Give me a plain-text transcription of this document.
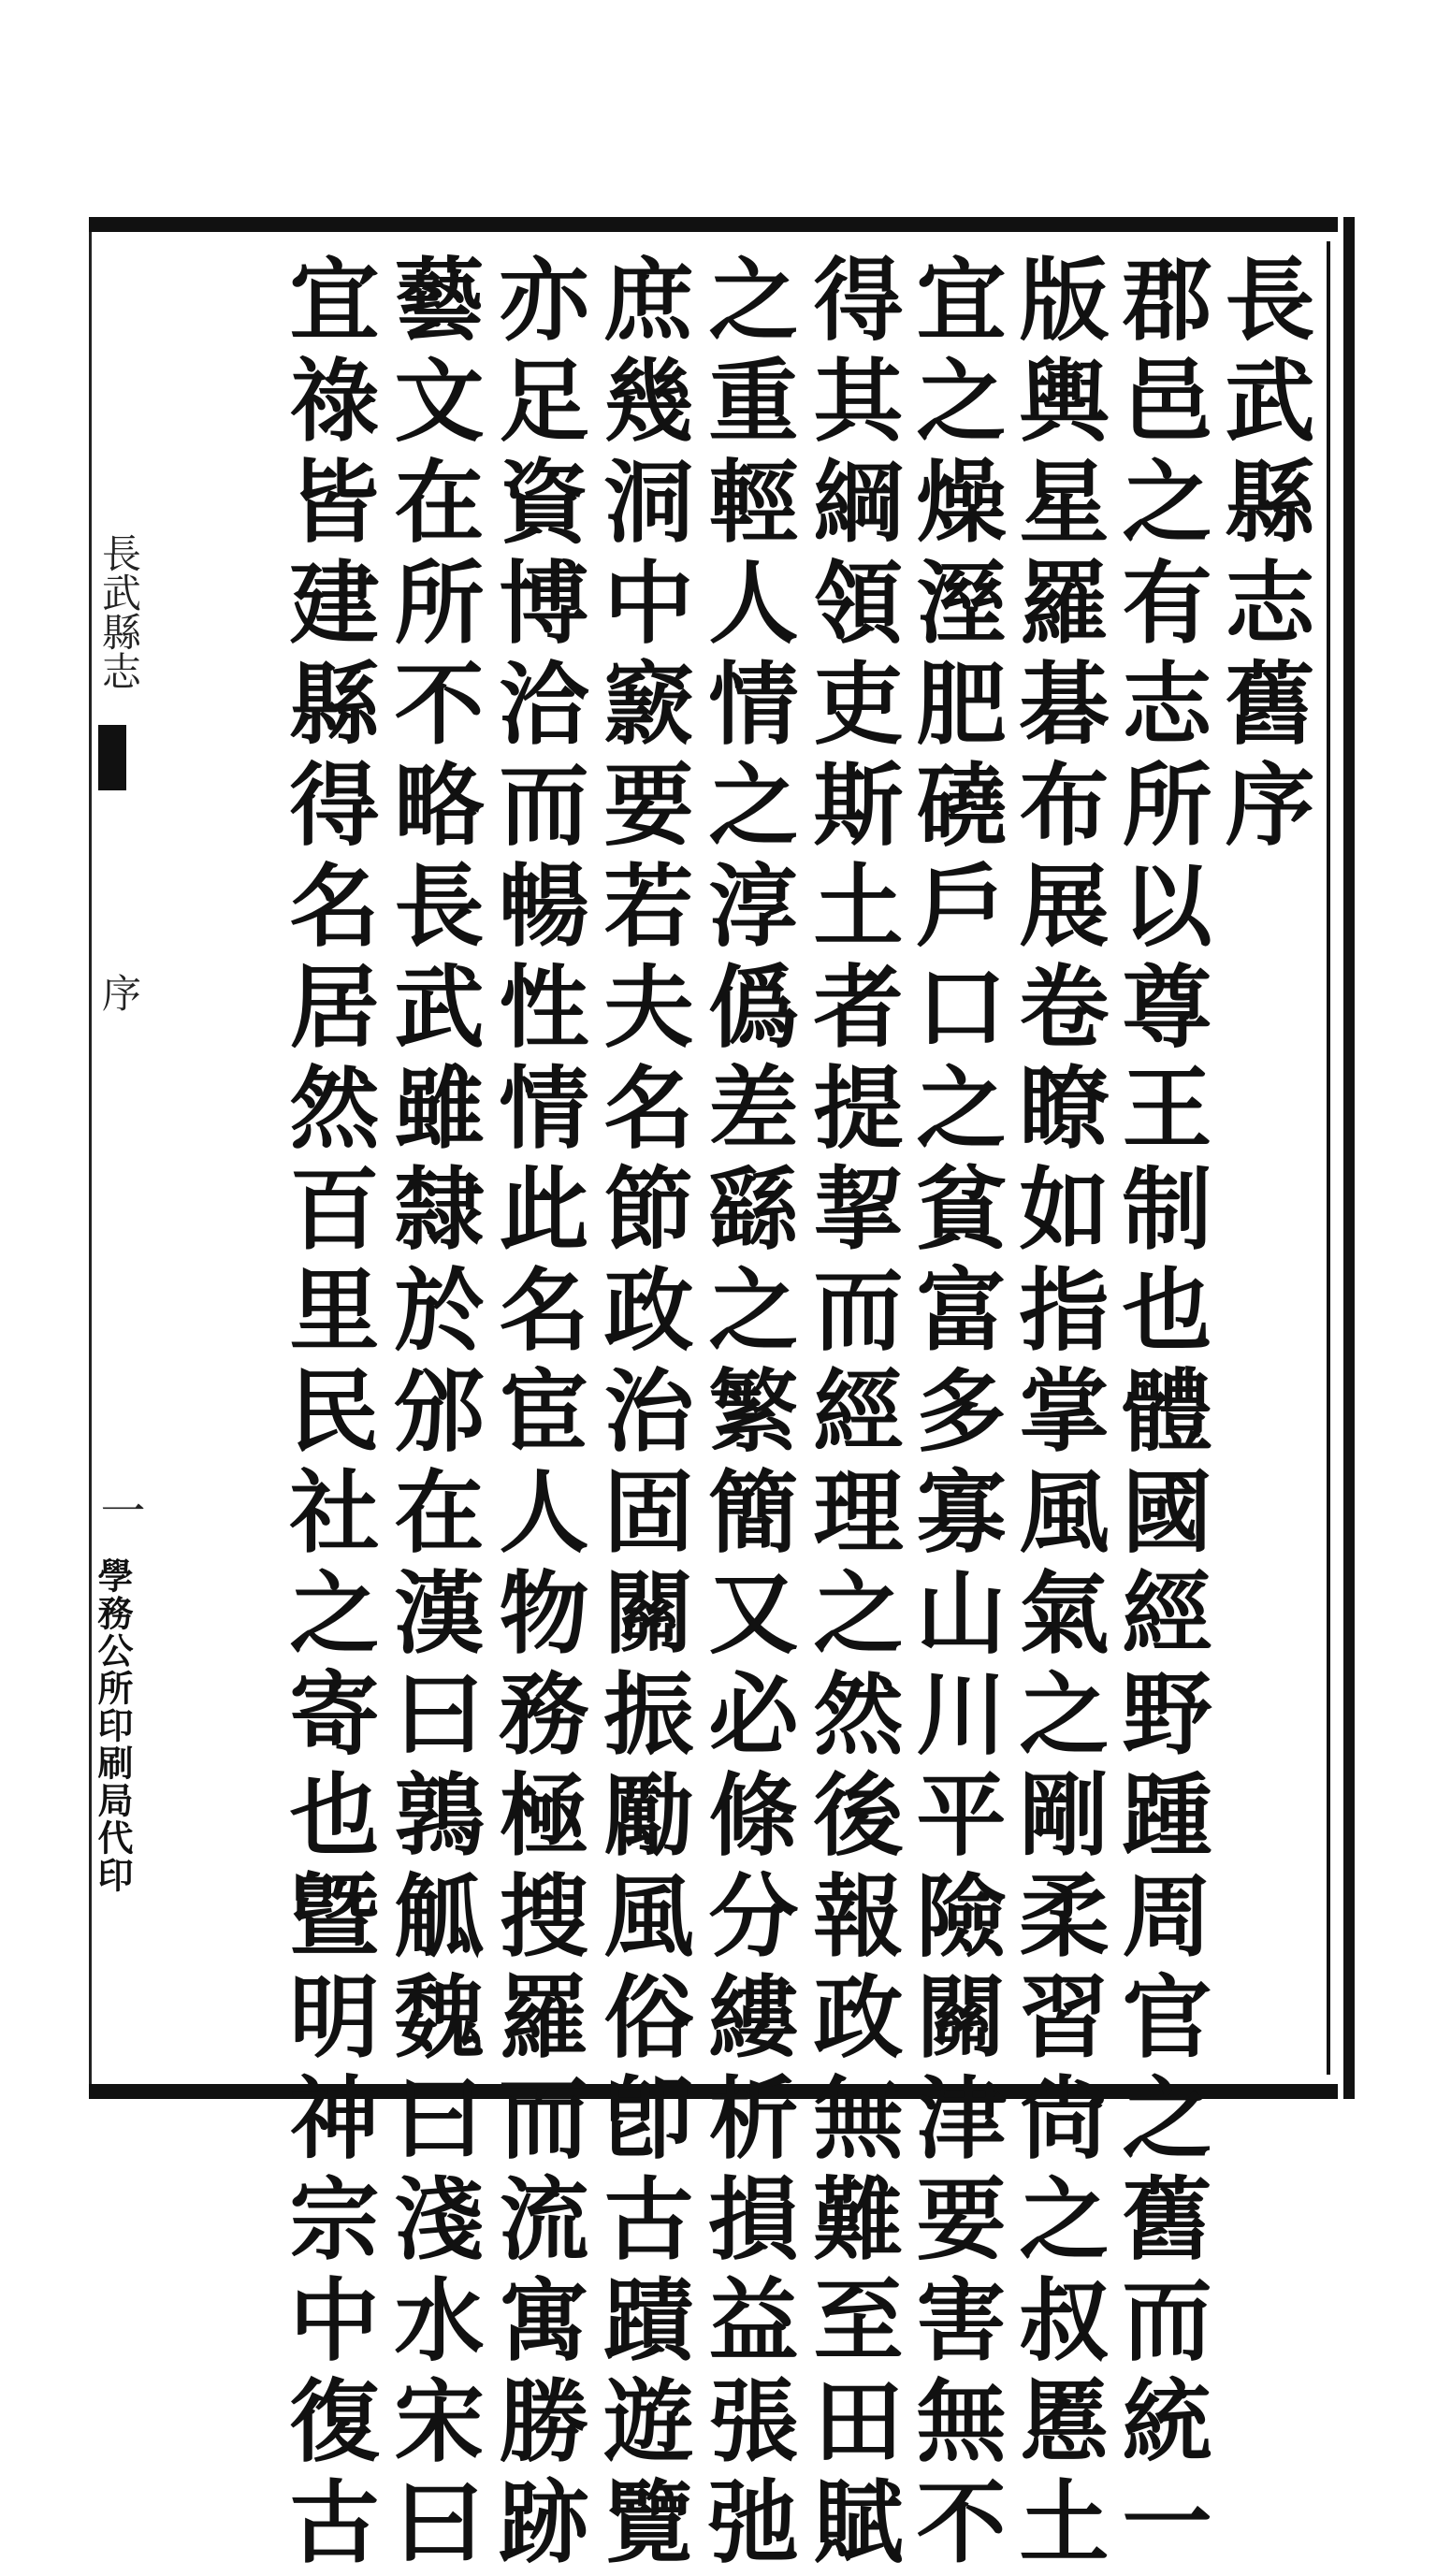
長武縣志舊序
郡邑之有志所以尊王制也體國經野踵周官之舊而統一
版輿星羅碁布展卷瞭如指掌風氣之剛柔習尙之叔慝土
宜之燥溼肥磽戶口之貧富多寡山川平險關津要害無不
得其綱領吏斯土者提挈而經理之然後報政無難至田賦
之重輕人情之淳僞差繇之繁簡又必條分縷析損益張弛
庶幾洞中窾要若夫名節政治固關振勵風俗卽古蹟遊覽
亦足資博洽而暢性情此名宦人物務極搜羅而流寓勝跡
藝文在所不略長武雖隸於邠在漢曰鶉觚魏曰淺水宋曰
宜祿皆建縣得名居然百里民社之寄也曁明神宗中復古
長武縣志
序
一
學務公所印刷局代印
